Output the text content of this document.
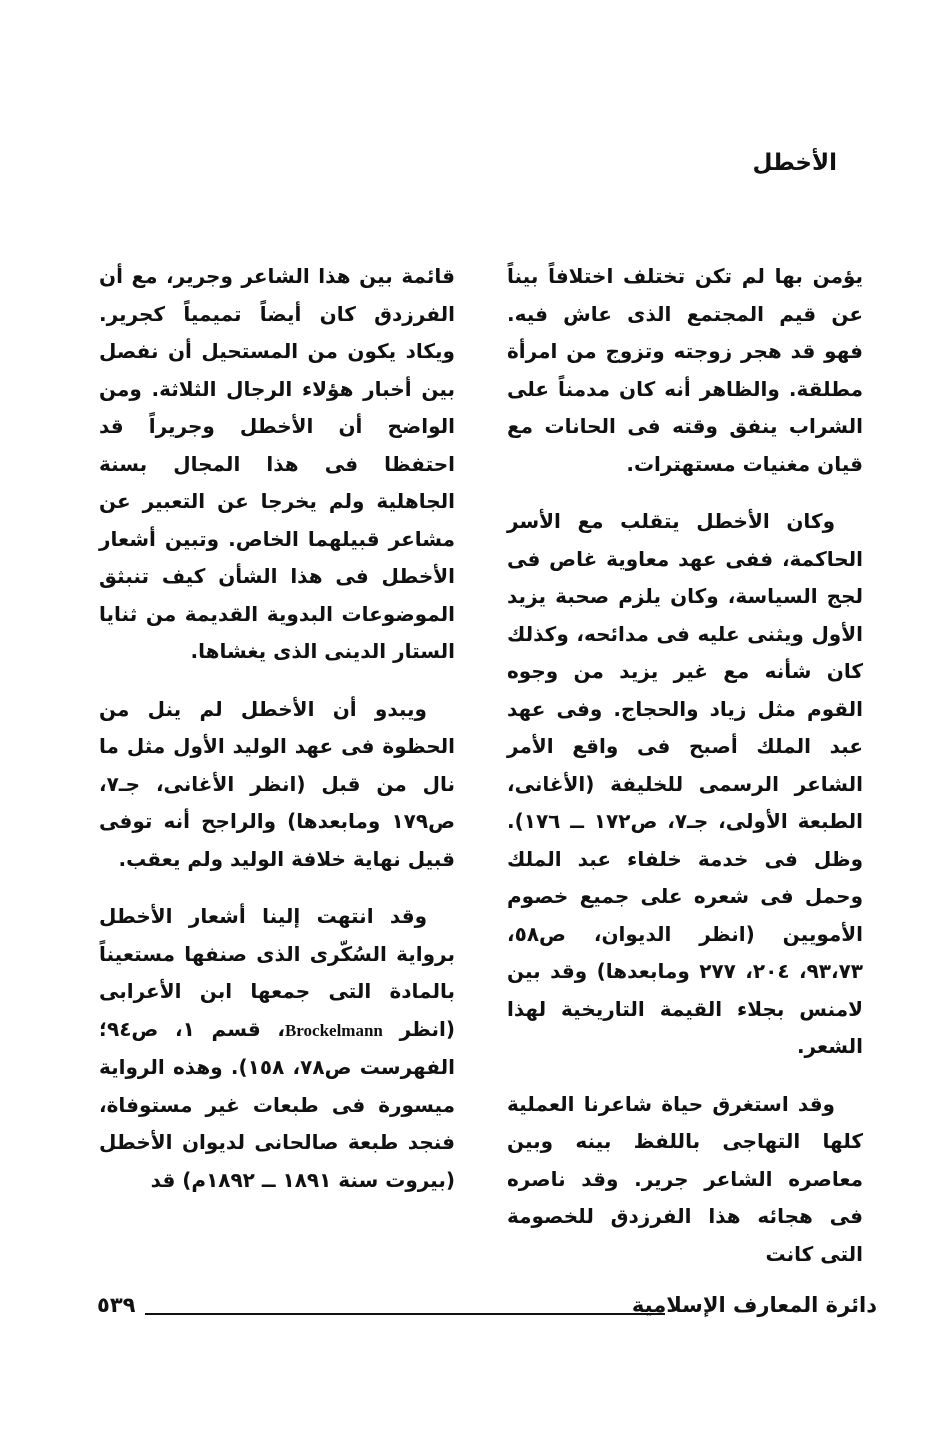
الأخطل

يؤمن بها لم تكن تختلف اختلافاً بيناً عن قيم المجتمع الذى عاش فيه. فهو قد هجر زوجته وتزوج من امرأة مطلقة. والظاهر أنه كان مدمناً على الشراب ينفق وقته فى الحانات مع قيان مغنيات مستهترات.

وكان الأخطل يتقلب مع الأسر الحاكمة، ففى عهد معاوية غاص فى لجج السياسة، وكان يلزم صحبة يزيد الأول ويثنى عليه فى مدائحه، وكذلك كان شأنه مع غير يزيد من وجوه القوم مثل زياد والحجاج. وفى عهد عبد الملك أصبح فى واقع الأمر الشاعر الرسمى للخليفة (الأغانى، الطبعة الأولى، جـ٧، ص١٧٢ ــ ١٧٦). وظل فى خدمة خلفاء عبد الملك وحمل فى شعره على جميع خصوم الأمويين (انظر الديوان، ص٥٨، ٩٣،٧٣، ٢٠٤، ٢٧٧ ومابعدها) وقد بين لامنس بجلاء القيمة التاريخية لهذا الشعر.

وقد استغرق حياة شاعرنا العملية كلها التهاجى باللفظ بينه وبين معاصره الشاعر جرير. وقد ناصره فى هجائه هذا الفرزدق للخصومة التى كانت

قائمة بين هذا الشاعر وجرير، مع أن الفرزدق كان أيضاً تميمياً كجرير. ويكاد يكون من المستحيل أن نفصل بين أخبار هؤلاء الرجال الثلاثة. ومن الواضح أن الأخطل وجريراً قد احتفظا فى هذا المجال بسنة الجاهلية ولم يخرجا عن التعبير عن مشاعر قبيلهما الخاص. وتبين أشعار الأخطل فى هذا الشأن كيف تنبثق الموضوعات البدوية القديمة من ثنايا الستار الدينى الذى يغشاها.

ويبدو أن الأخطل لم ينل من الحظوة فى عهد الوليد الأول مثل ما نال من قبل (انظر الأغانى، جـ٧، ص١٧٩ ومابعدها) والراجح أنه توفى قبيل نهاية خلافة الوليد ولم يعقب.

وقد انتهت إلينا أشعار الأخطل برواية السُكّرى الذى صنفها مستعيناً بالمادة التى جمعها ابن الأعرابى (انظر Brockelmann، قسم ١، ص٩٤؛ الفهرست ص٧٨، ١٥٨). وهذه الرواية ميسورة فى طبعات غير مستوفاة، فنجد طبعة صالحانى لديوان الأخطل (بيروت سنة ١٨٩١ ــ ١٨٩٢م) قد

دائرة المعارف الإسلامية
٥٣٩
